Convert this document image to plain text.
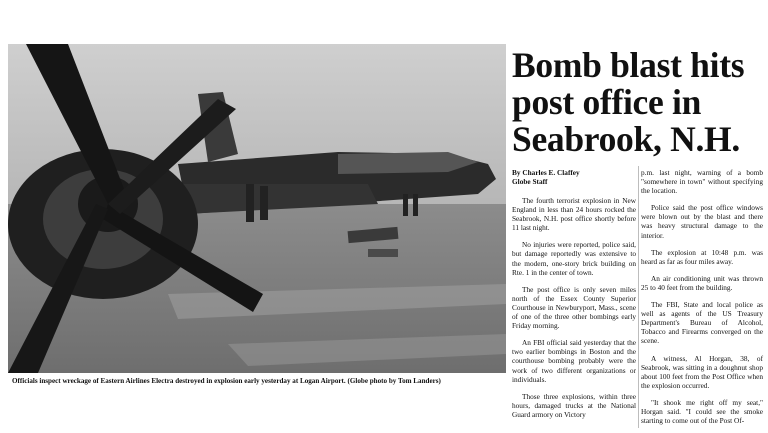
Officials inspect wreckage of Eastern Airlines Electra destroyed in explosion early yesterday at Logan Airport. (Globe photo by Tom Landers)
Bomb blast hits
post office in
Seabrook, N.H.
By Charles E. Claffey
Globe Staff

The fourth terrorist explosion in New England in less than 24 hours rocked the Seabrook, N.H. post office shortly before 11 last night.

No injuries were reported, police said, but damage reportedly was extensive to the modern, one-story brick building on Rte. 1 in the center of town.

The post office is only seven miles north of the Essex County Superior Courthouse in Newburyport, Mass., scene of one of the three other bombings early Friday morning.

An FBI official said yesterday that the two earlier bombings in Boston and the courthouse bombing probably were the work of two different organizations or individuals.

Those three explosions, within three hours, damaged trucks at the National Guard armory on Victory

p.m. last night, warning of a bomb "somewhere in town" without specifying the location.

Police said the post office windows were blown out by the blast and there was heavy structural damage to the interior.

The explosion at 10:48 p.m. was heard as far as four miles away.

An air conditioning unit was thrown 25 to 40 feet from the building.

The FBI, State and local police as well as agents of the US Treasury Department's Bureau of Alcohol, Tobacco and Firearms converged on the scene.

A witness, Al Horgan, 38, of Seabrook, was sitting in a doughnut shop about 100 feet from the Post Office when the explosion occurred.

"It shook me right off my seat," Horgan said. "I could see the smoke starting to come out of the Post Of-
